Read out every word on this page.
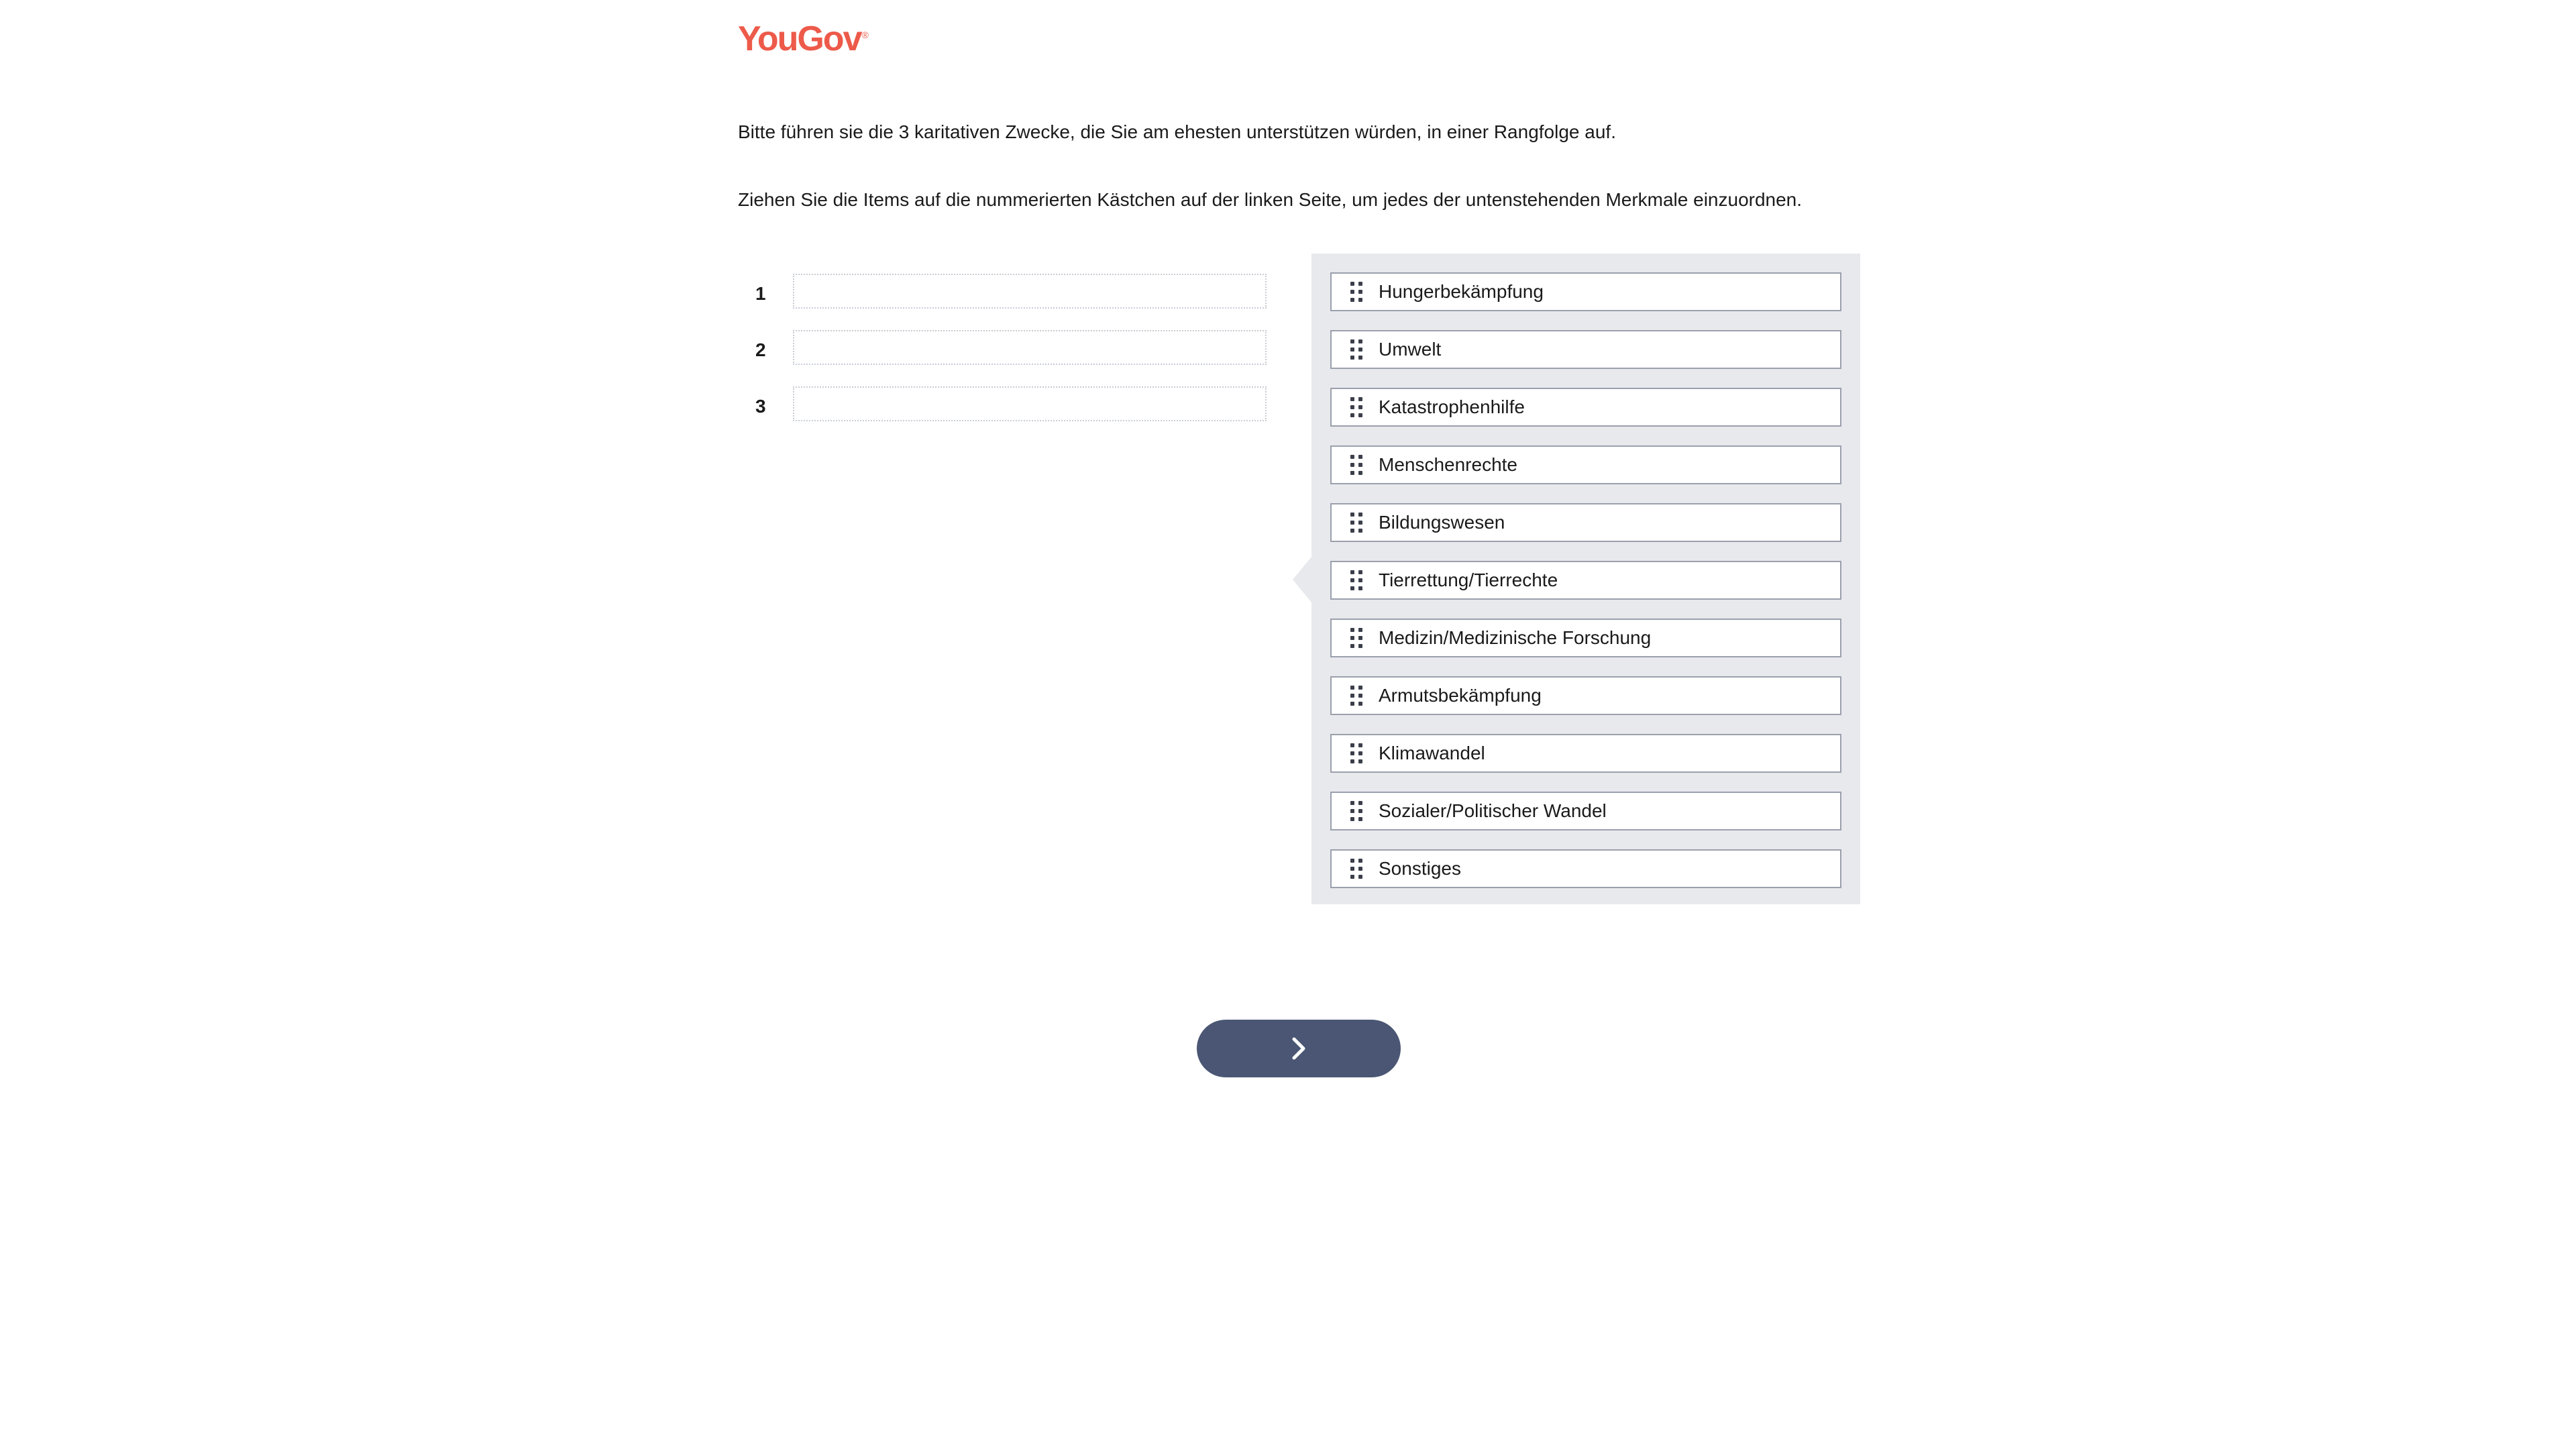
YouGov®
Bitte führen sie die 3 karitativen Zwecke, die Sie am ehesten unterstützen würden, in einer Rangfolge auf.
Ziehen Sie die Items auf die nummerierten Kästchen auf der linken Seite, um jedes der untenstehenden Merkmale einzuordnen.
1
2
3
Hungerbekämpfung
Umwelt
Katastrophenhilfe
Menschenrechte
Bildungswesen
Tierrettung/Tierrechte
Medizin/Medizinische Forschung
Armutsbekämpfung
Klimawandel
Sozialer/Politischer Wandel
Sonstiges
